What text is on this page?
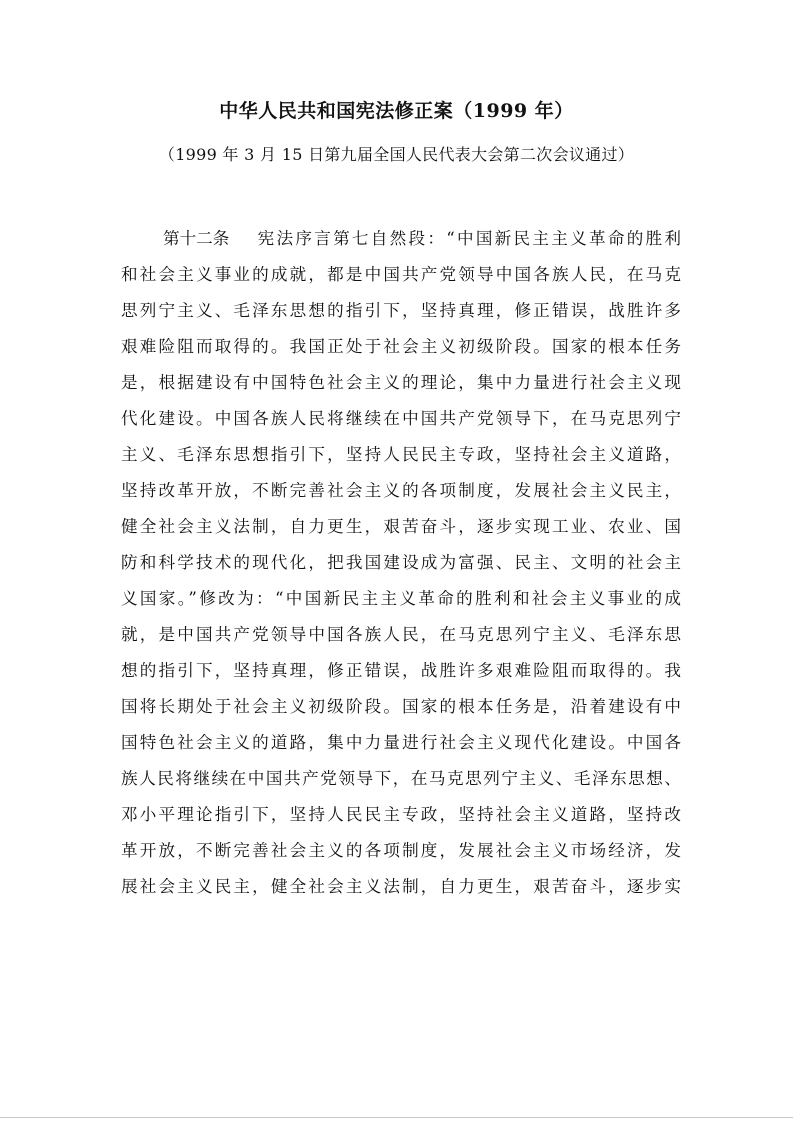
中华人民共和国宪法修正案（1999 年）
（1999 年 3 月 15 日第九届全国人民代表大会第二次会议通过）
第十二条 宪法序言第七自然段：“中国新民主主义革命的胜利
和社会主义事业的成就，都是中国共产党领导中国各族人民，在马克
思列宁主义、毛泽东思想的指引下，坚持真理，修正错误，战胜许多
艰难险阻而取得的。我国正处于社会主义初级阶段。国家的根本任务
是，根据建设有中国特色社会主义的理论，集中力量进行社会主义现
代化建设。中国各族人民将继续在中国共产党领导下，在马克思列宁
主义、毛泽东思想指引下，坚持人民民主专政，坚持社会主义道路，
坚持改革开放，不断完善社会主义的各项制度，发展社会主义民主，
健全社会主义法制，自力更生，艰苦奋斗，逐步实现工业、农业、国
防和科学技术的现代化，把我国建设成为富强、民主、文明的社会主
义国家。”修改为：“中国新民主主义革命的胜利和社会主义事业的成
就，是中国共产党领导中国各族人民，在马克思列宁主义、毛泽东思
想的指引下，坚持真理，修正错误，战胜许多艰难险阻而取得的。我
国将长期处于社会主义初级阶段。国家的根本任务是，沿着建设有中
国特色社会主义的道路，集中力量进行社会主义现代化建设。中国各
族人民将继续在中国共产党领导下，在马克思列宁主义、毛泽东思想、
邓小平理论指引下，坚持人民民主专政，坚持社会主义道路，坚持改
革开放，不断完善社会主义的各项制度，发展社会主义市场经济，发
展社会主义民主，健全社会主义法制，自力更生，艰苦奋斗，逐步实
